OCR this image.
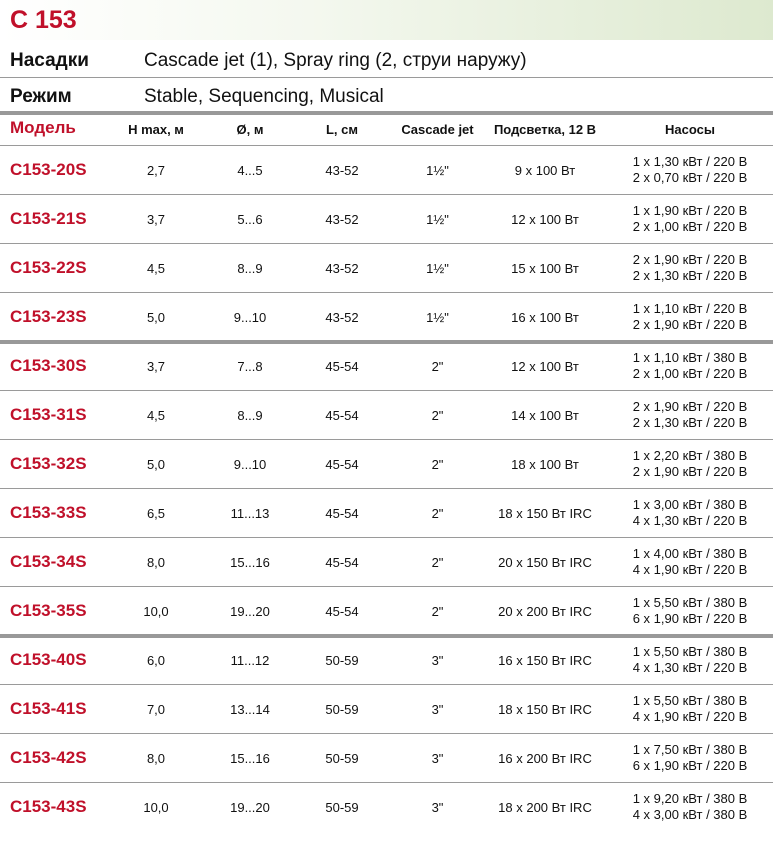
C 153
Насадки	Cascade jet (1), Spray ring (2, струи наружу)
Режим	Stable, Sequencing, Musical
Модель	H max, м	Ø, м	L, см	Cascade jet	Подсветка, 12 В	Насосы
C153-20S	2,7	4...5	43-52	1½"	9 x 100 Вт
1 x 1,30 кВт / 220 В
2 x 0,70 кВт / 220 В
C153-21S	3,7	5...6	43-52	1½"	12 x 100 Вт
1 x 1,90 кВт / 220 В
2 x 1,00 кВт / 220 В
C153-22S	4,5	8...9	43-52	1½"	15 x 100 Вт
2 x 1,90 кВт / 220 В
2 x 1,30 кВт / 220 В
C153-23S	5,0	9...10	43-52	1½"	16 x 100 Вт
1 x 1,10 кВт / 220 В
2 x 1,90 кВт / 220 В
C153-30S	3,7	7...8	45-54	2"	12 x 100 Вт
1 x 1,10 кВт / 380 В
2 x 1,00 кВт / 220 В
C153-31S	4,5	8...9	45-54	2"	14 x 100 Вт
2 x 1,90 кВт / 220 В
2 x 1,30 кВт / 220 В
C153-32S	5,0	9...10	45-54	2"	18 x 100 Вт
1 x 2,20 кВт / 380 В
2 x 1,90 кВт / 220 В
C153-33S	6,5	11...13	45-54	2"	18 x 150 Вт IRC
1 x 3,00 кВт / 380 В
4 x 1,30 кВт / 220 В
C153-34S	8,0	15...16	45-54	2"	20 x 150 Вт IRC
1 x 4,00 кВт / 380 В
4 x 1,90 кВт / 220 В
C153-35S	10,0	19...20	45-54	2"	20 x 200 Вт IRC
1 x 5,50 кВт / 380 В
6 x 1,90 кВт / 220 В
C153-40S	6,0	11...12	50-59	3"	16 x 150 Вт IRC
1 x 5,50 кВт / 380 В
4 x 1,30 кВт / 220 В
C153-41S	7,0	13...14	50-59	3"	18 x 150 Вт IRC
1 x 5,50 кВт / 380 В
4 x 1,90 кВт / 220 В
C153-42S	8,0	15...16	50-59	3"	16 x 200 Вт IRC
1 x 7,50 кВт / 380 В
6 x 1,90 кВт / 220 В
C153-43S	10,0	19...20	50-59	3"	18 x 200 Вт IRC
1 x 9,20 кВт / 380 В
4 x 3,00 кВт / 380 В
